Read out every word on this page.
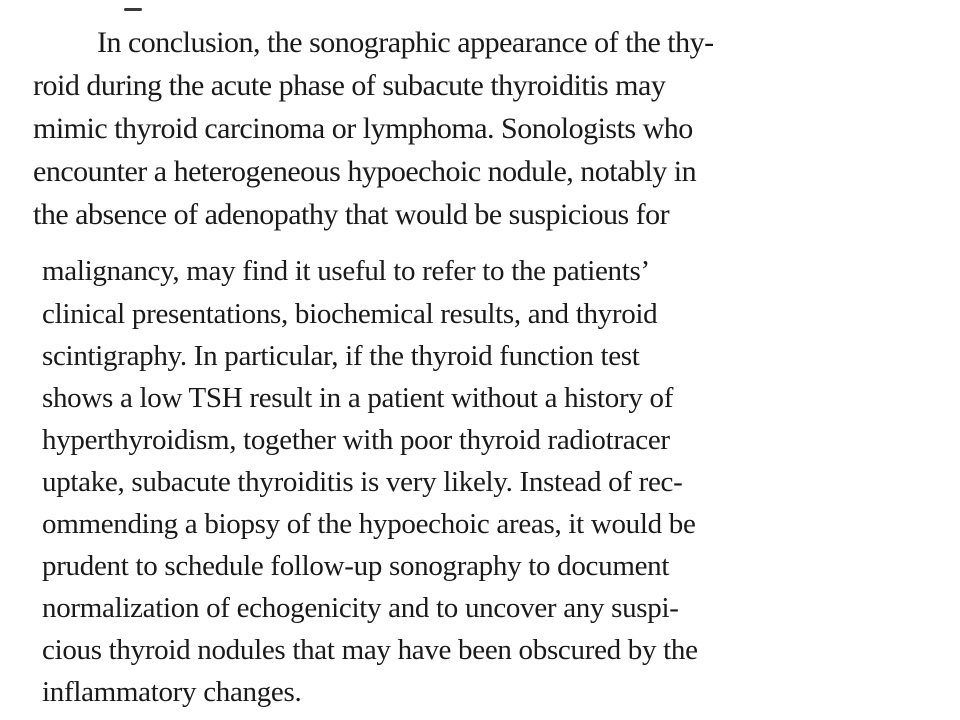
In conclusion, the sonographic appearance of the thy-
roid during the acute phase of subacute thyroiditis may
mimic thyroid carcinoma or lymphoma. Sonologists who
encounter a heterogeneous hypoechoic nodule, notably in
the absence of adenopathy that would be suspicious for
malignancy, may find it useful to refer to the patients’
clinical presentations, biochemical results, and thyroid
scintigraphy. In particular, if the thyroid function test
shows a low TSH result in a patient without a history of
hyperthyroidism, together with poor thyroid radiotracer
uptake, subacute thyroiditis is very likely. Instead of rec-
ommending a biopsy of the hypoechoic areas, it would be
prudent to schedule follow-up sonography to document
normalization of echogenicity and to uncover any suspi-
cious thyroid nodules that may have been obscured by the
inflammatory changes.
